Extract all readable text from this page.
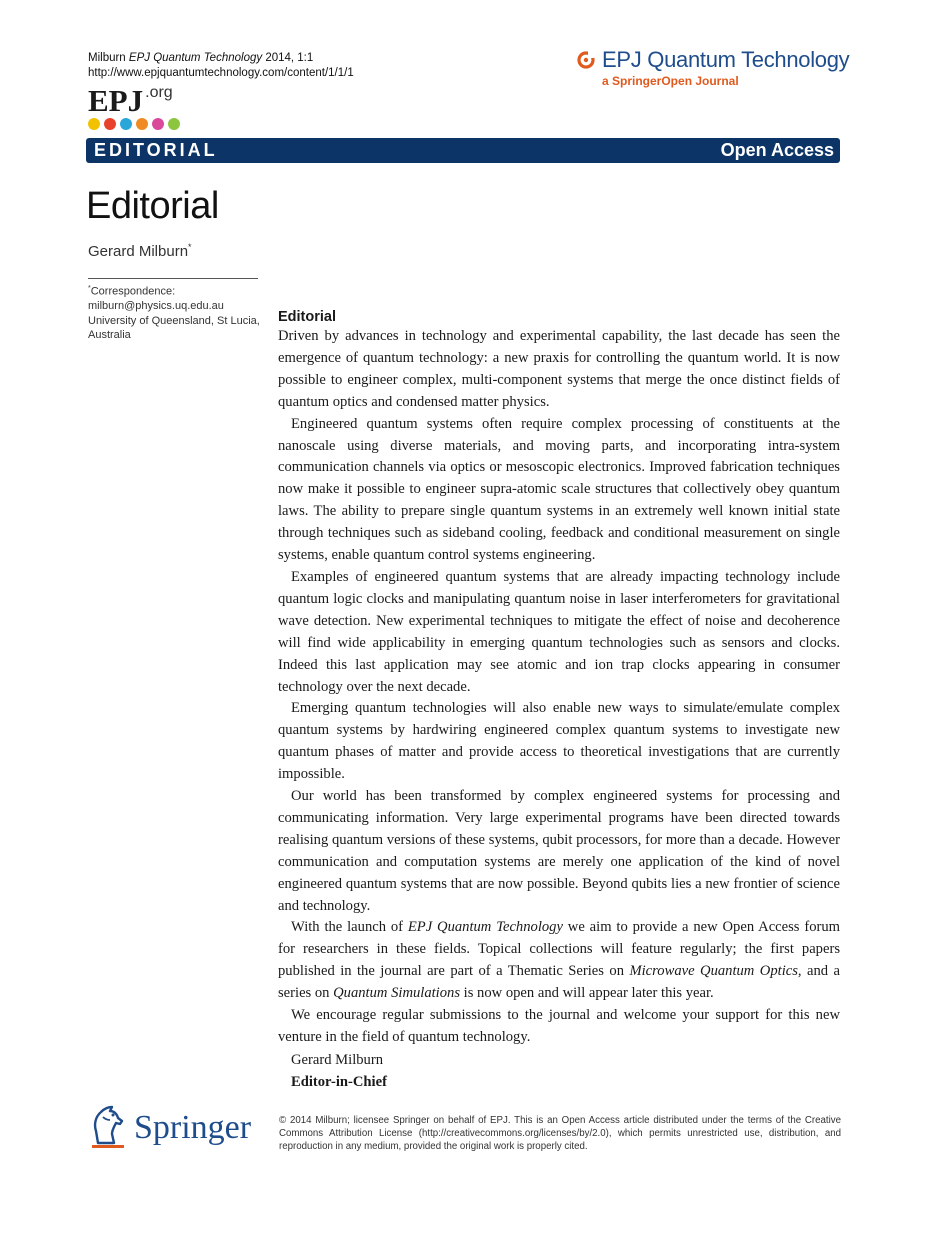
Milburn EPJ Quantum Technology 2014, 1:1
http://www.epjquantumtechnology.com/content/1/1/1
EPJ .org
EPJ Quantum Technology
a SpringerOpen Journal
EDITORIAL	Open Access
Editorial
Gerard Milburn*
*Correspondence:
milburn@physics.uq.edu.au
University of Queensland, St Lucia, Australia
Editorial

Driven by advances in technology and experimental capability, the last decade has seen the emergence of quantum technology: a new praxis for controlling the quantum world. It is now possible to engineer complex, multi-component systems that merge the once distinct fields of quantum optics and condensed matter physics.

Engineered quantum systems often require complex processing of constituents at the nanoscale using diverse materials, and moving parts, and incorporating intra-system communication channels via optics or mesoscopic electronics. Improved fabrication techniques now make it possible to engineer supra-atomic scale structures that collectively obey quantum laws. The ability to prepare single quantum systems in an extremely well known initial state through techniques such as sideband cooling, feedback and conditional measurement on single systems, enable quantum control systems engineering.

Examples of engineered quantum systems that are already impacting technology include quantum logic clocks and manipulating quantum noise in laser interferometers for gravitational wave detection. New experimental techniques to mitigate the effect of noise and decoherence will find wide applicability in emerging quantum technologies such as sensors and clocks. Indeed this last application may see atomic and ion trap clocks appearing in consumer technology over the next decade.

Emerging quantum technologies will also enable new ways to simulate/emulate complex quantum systems by hardwiring engineered complex quantum systems to investigate new quantum phases of matter and provide access to theoretical investigations that are currently impossible.

Our world has been transformed by complex engineered systems for processing and communicating information. Very large experimental programs have been directed towards realising quantum versions of these systems, qubit processors, for more than a decade. However communication and computation systems are merely one application of the kind of novel engineered quantum systems that are now possible. Beyond qubits lies a new frontier of science and technology.

With the launch of EPJ Quantum Technology we aim to provide a new Open Access forum for researchers in these fields. Topical collections will feature regularly; the first papers published in the journal are part of a Thematic Series on Microwave Quantum Optics, and a series on Quantum Simulations is now open and will appear later this year.

We encourage regular submissions to the journal and welcome your support for this new venture in the field of quantum technology.

Gerard Milburn
Editor-in-Chief
Springer	© 2014 Milburn; licensee Springer on behalf of EPJ. This is an Open Access article distributed under the terms of the Creative Commons Attribution License (http://creativecommons.org/licenses/by/2.0), which permits unrestricted use, distribution, and reproduction in any medium, provided the original work is properly cited.
